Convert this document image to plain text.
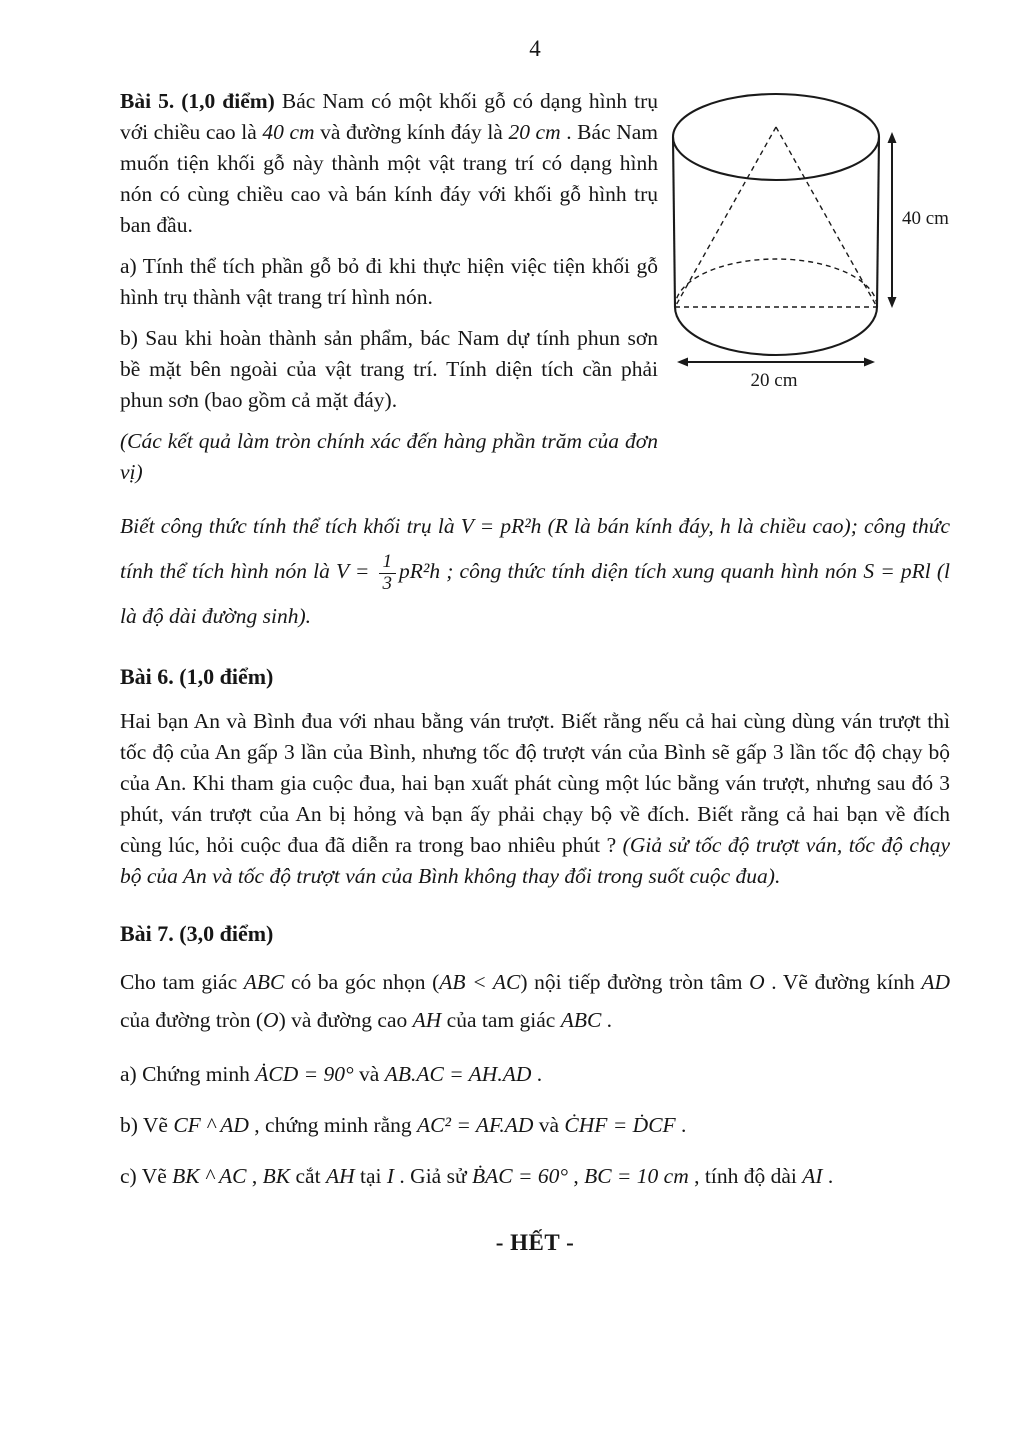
4

Bài 5. (1,0 điểm) Bác Nam có một khối gỗ có dạng hình trụ với chiều cao là 40 cm và đường kính đáy là 20 cm . Bác Nam muốn tiện khối gỗ này thành một vật trang trí có dạng hình nón có cùng chiều cao và bán kính đáy với khối gỗ hình trụ ban đầu.

a) Tính thể tích phần gỗ bỏ đi khi thực hiện việc tiện khối gỗ hình trụ thành vật trang trí hình nón.

b) Sau khi hoàn thành sản phẩm, bác Nam dự tính phun sơn bề mặt bên ngoài của vật trang trí. Tính diện tích cần phải phun sơn (bao gồm cả mặt đáy).

(Các kết quả làm tròn chính xác đến hàng phần trăm của đơn vị)

40 cm
20 cm

Biết công thức tính thể tích khối trụ là V = pR²h (R là bán kính đáy, h là chiều cao); công thức tính thể tích hình nón là $V = \frac{1}{3} pR^2h$ ; công thức tính diện tích xung quanh hình nón S = pRl (l là độ dài đường sinh).

Bài 6. (1,0 điểm)

Hai bạn An và Bình đua với nhau bằng ván trượt. Biết rằng nếu cả hai cùng dùng ván trượt thì tốc độ của An gấp 3 lần của Bình, nhưng tốc độ trượt ván của Bình sẽ gấp 3 lần tốc độ chạy bộ của An. Khi tham gia cuộc đua, hai bạn xuất phát cùng một lúc bằng ván trượt, nhưng sau đó 3 phút, ván trượt của An bị hỏng và bạn ấy phải chạy bộ về đích. Biết rằng cả hai bạn về đích cùng lúc, hỏi cuộc đua đã diễn ra trong bao nhiêu phút ? (Giả sử tốc độ trượt ván, tốc độ chạy bộ của An và tốc độ trượt ván của Bình không thay đổi trong suốt cuộc đua).

Bài 7. (3,0 điểm)

Cho tam giác ABC có ba góc nhọn (AB < AC) nội tiếp đường tròn tâm O . Vẽ đường kính AD của đường tròn (O) và đường cao AH của tam giác ABC .

a) Chứng minh ȦCD = 90° và AB.AC = AH.AD .

b) Vẽ CF ^ AD , chứng minh rằng AC² = AF.AD và ĊHF = ḊCF .

c) Vẽ BK ^ AC , BK cắt AH tại I . Giả sử ḂAC = 60° , BC = 10 cm , tính độ dài AI .

- HẾT -
